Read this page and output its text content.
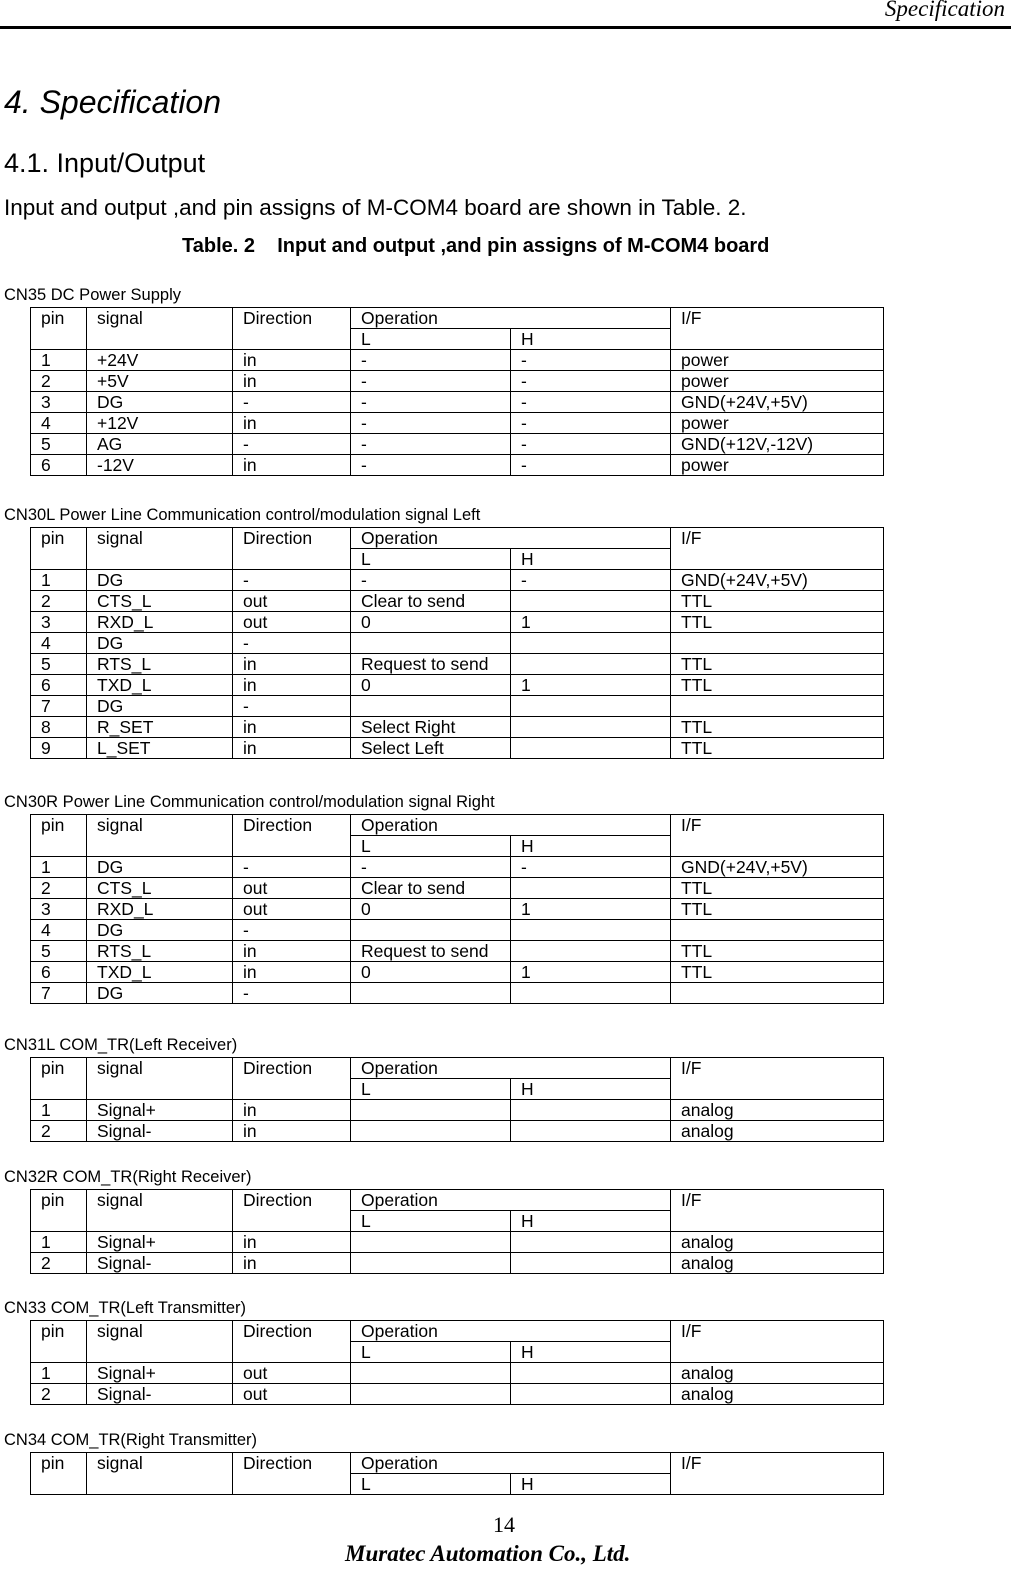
Specification
4. Specification
4.1. Input/Output
Input and output ,and pin assigns of M-COM4 board are shown in Table. 2.
Table. 2    Input and output ,and pin assigns of M-COM4 board
CN35 DC Power Supply
pin	signal	Direction	Operation		I/F
			L	H	
1	+24V	in	-	-	power
2	+5V	in	-	-	power
3	DG	-	-	-	GND(+24V,+5V)
4	+12V	in	-	-	power
5	AG	-	-	-	GND(+12V,-12V)
6	-12V	in	-	-	power
CN30L Power Line Communication control/modulation signal Left
pin	signal	Direction	Operation		I/F
			L	H	
1	DG	-	-	-	GND(+24V,+5V)
2	CTS_L	out	Clear to send		TTL
3	RXD_L	out	0	1	TTL
4	DG	-			
5	RTS_L	in	Request to send		TTL
6	TXD_L	in	0	1	TTL
7	DG	-			
8	R_SET	in	Select Right		TTL
9	L_SET	in	Select Left		TTL
CN30R Power Line Communication control/modulation signal Right
pin	signal	Direction	Operation		I/F
			L	H	
1	DG	-	-	-	GND(+24V,+5V)
2	CTS_L	out	Clear to send		TTL
3	RXD_L	out	0	1	TTL
4	DG	-			
5	RTS_L	in	Request to send		TTL
6	TXD_L	in	0	1	TTL
7	DG	-			
CN31L COM_TR(Left Receiver)
pin	signal	Direction	Operation		I/F
			L	H	
1	Signal+	in			analog
2	Signal-	in			analog
CN32R COM_TR(Right Receiver)
pin	signal	Direction	Operation		I/F
			L	H	
1	Signal+	in			analog
2	Signal-	in			analog
CN33 COM_TR(Left Transmitter)
pin	signal	Direction	Operation		I/F
			L	H	
1	Signal+	out			analog
2	Signal-	out			analog
CN34 COM_TR(Right Transmitter)
pin	signal	Direction	Operation		I/F
			L	H	
14
Muratec Automation Co., Ltd.
